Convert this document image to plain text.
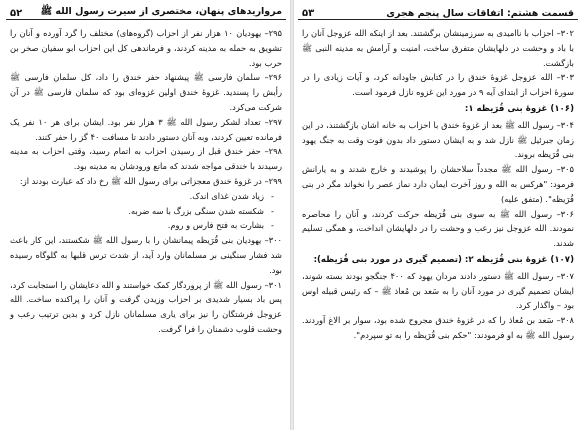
مرواریدهای پنهان، مختصری از سیرت رسول الله ﷺ
۵۲

۲۹۵– یهودیان ۱۰ هزار نفر از احزاب (گروه‌های) مختلف را گرد آورده و آنان را تشویق به حمله به مدینه کردند، و فرماندهی کل این احزاب ابو سفیان صخر بن حرب بود.

۲۹۶– سلمان فارسی ﷺ پیشنهاد حفر خندق را داد، کل سلمان فارسی ﷺ رأیش را پسندید. غزوهٔ خندق اولین غزوه‌ای بود که سلمان فارسی ﷺ در آن شرکت می‌کرد.

۲۹۷– تعداد لشکر رسول الله ﷺ ۳ هزار نفر بود. ایشان برای هر ۱۰ نفر یک فرمانده تعیین کردند، وبه آنان دستور دادند تا مسافت ۴۰ گز را حفر کنند.

۲۹۸– حفر خندق قبل از رسیدن احزاب به اتمام رسید، وقتی احزاب به مدینه رسیدند با خندقی مواجه شدند که مانع ورودشان به مدینه بود.

۲۹۹– در غزوهٔ خندق معجزاتی برای رسول الله ﷺ رخ داد که عبارت بودند از:

- زیاد شدن غذای اندک.
- شکسته شدن سنگی بزرگ با سه ضربه.
- بشارت به فتح فارس و روم.

۳۰۰– یهودیان بنی قُرَیظه پیمانشان را با رسول الله ﷺ شکستند، این کار باعث شد فشار سنگینی بر مسلمانان وارد آید، از شدت ترس قلبها به گلوگاه رسیده بود.

۳۰۱– رسول الله ﷺ از پروردگار کمک خواستند و الله دعایشان را استجابت کرد، پس باد بسیار شدیدی بر احزاب وزیدن گرفت و آنان را پراکنده ساخت. الله عزوجل فرشتگان را نیز برای یاری مسلمانان نازل کرد و بدین ترتیب رعب و وحشت قلوب دشمنان را فرا گرفت.

قسمت هشتم: اتفاقات سال پنجم هجری
۵۳

۳۰۲– احزاب با ناامیدی به سرزمینشان برگشتند. بعد از اینکه الله عزوجل آنان را با باد و وحشت در دلهایشان متفرق ساخت، امنیت و آرامش به مدینه النبی ﷺ بازگشت.

۳۰۳– الله عزوجل غزوهٔ خندق را در کتابش جاودانه کرد، و آیات زیادی را در سورهٔ احزاب از ابتدای آیه ۹ در مورد این غزوه نازل فرمود است.

(۱۰۶) غزوهٔ بنی قُرَیظه ۱:

۳۰۴– رسول الله ﷺ بعد از غزوهٔ خندق با احزاب به خانه اشان بازگشتند، در این زمان جبرئیل ﷺ نازل شد و به ایشان دستور داد بدون فوت وقت به جنگ یهود بنی قُرَیظه بروند.

۳۰۵– رسول الله ﷺ مجدداً سلاحشان را پوشیدند و خارج شدند و به یارانش فرمود: "هرکس به الله و روز آخرت ایمان دارد نماز عصر را نخواند مگر در بنی قُرَیظه". (متفق علیه)

۳۰۶– رسول الله ﷺ به سوی بنی قُرَیظه حرکت کردند، و آنان را محاصره نمودند. الله عزوجل نیز رعب و وحشت را در دلهایشان انداخت، و همگی تسلیم شدند.

(۱۰۷) غزوهٔ بنی قُرَیظه ۲: (تصمیم گیری در مورد بنی قُرَیظه):

۳۰۷– رسول الله ﷺ دستور دادند مردان یهود که ۴۰۰ جنگجو بودند بسته شوند، ایشان تصمیم گیری در مورد آنان را به سَعد بن مُعاذ ﷺ – که رئیس قبیله اوس بود – واگذار کرد.

۳۰۸– سَعد بن مُعاذ را که در غزوهٔ خندق مجروح شده بود، سوار بر الاغ آوردند. رسول الله ﷺ به او فرمودند: "حکم بنی قُرَیظه را به تو سپردم".
